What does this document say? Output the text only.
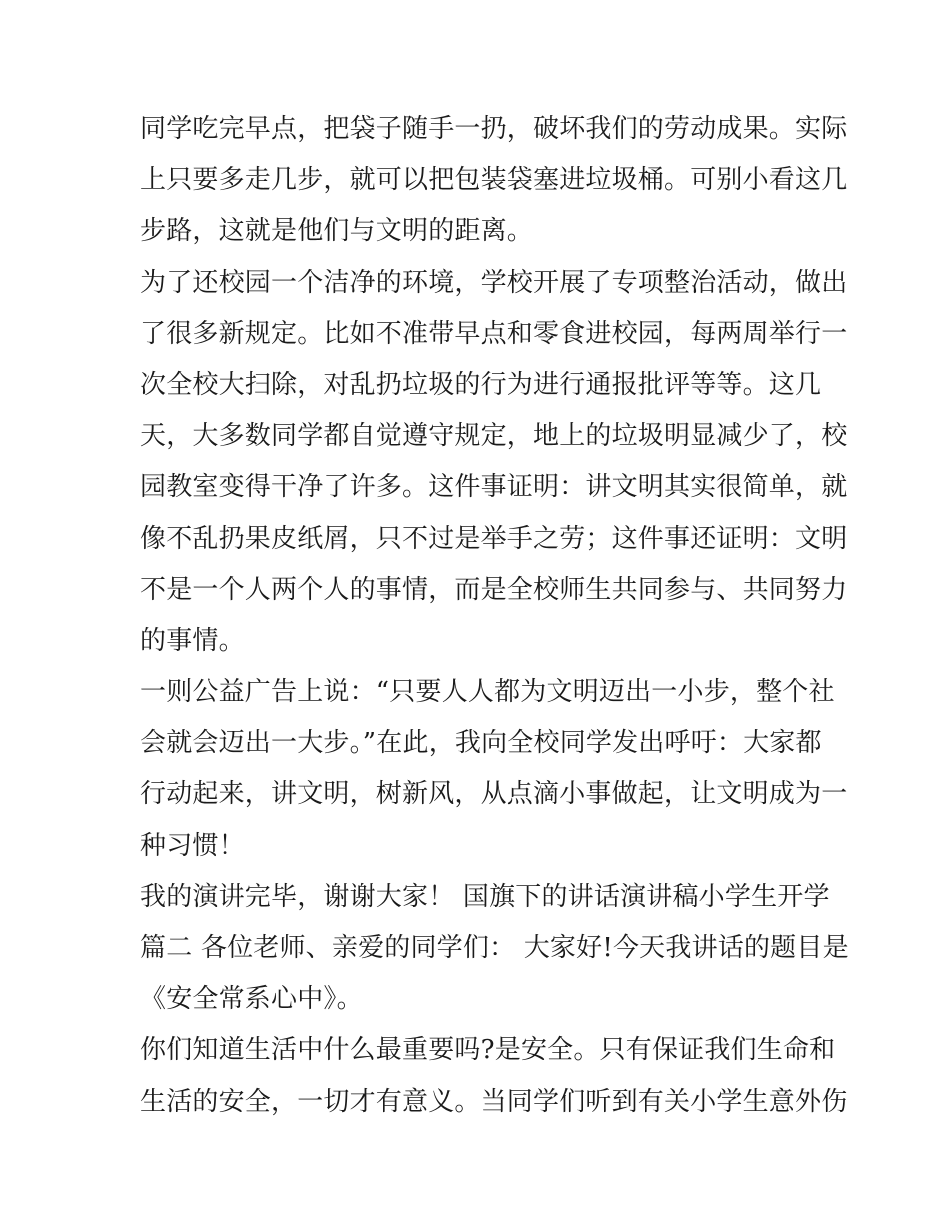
同学吃完早点，把袋子随手一扔，破坏我们的劳动成果。实际
上只要多走几步，就可以把包装袋塞进垃圾桶。可别小看这几
步路，这就是他们与文明的距离。
为了还校园一个洁净的环境，学校开展了专项整治活动，做出
了很多新规定。比如不准带早点和零食进校园，每两周举行一
次全校大扫除，对乱扔垃圾的行为进行通报批评等等。这几
天，大多数同学都自觉遵守规定，地上的垃圾明显减少了，校
园教室变得干净了许多。这件事证明：讲文明其实很简单，就
像不乱扔果皮纸屑，只不过是举手之劳；这件事还证明：文明
不是一个人两个人的事情，而是全校师生共同参与、共同努力
的事情。
一则公益广告上说：“只要人人都为文明迈出一小步，整个社
会就会迈出一大步。”在此，我向全校同学发出呼吁：大家都
行动起来，讲文明，树新风，从点滴小事做起，让文明成为一
种习惯！
我的演讲完毕，谢谢大家！ 国旗下的讲话演讲稿小学生开学
篇二 各位老师、亲爱的同学们： 大家好!今天我讲话的题目是
《安全常系心中》。
你们知道生活中什么最重要吗?是安全。只有保证我们生命和
生活的安全，一切才有意义。当同学们听到有关小学生意外伤
